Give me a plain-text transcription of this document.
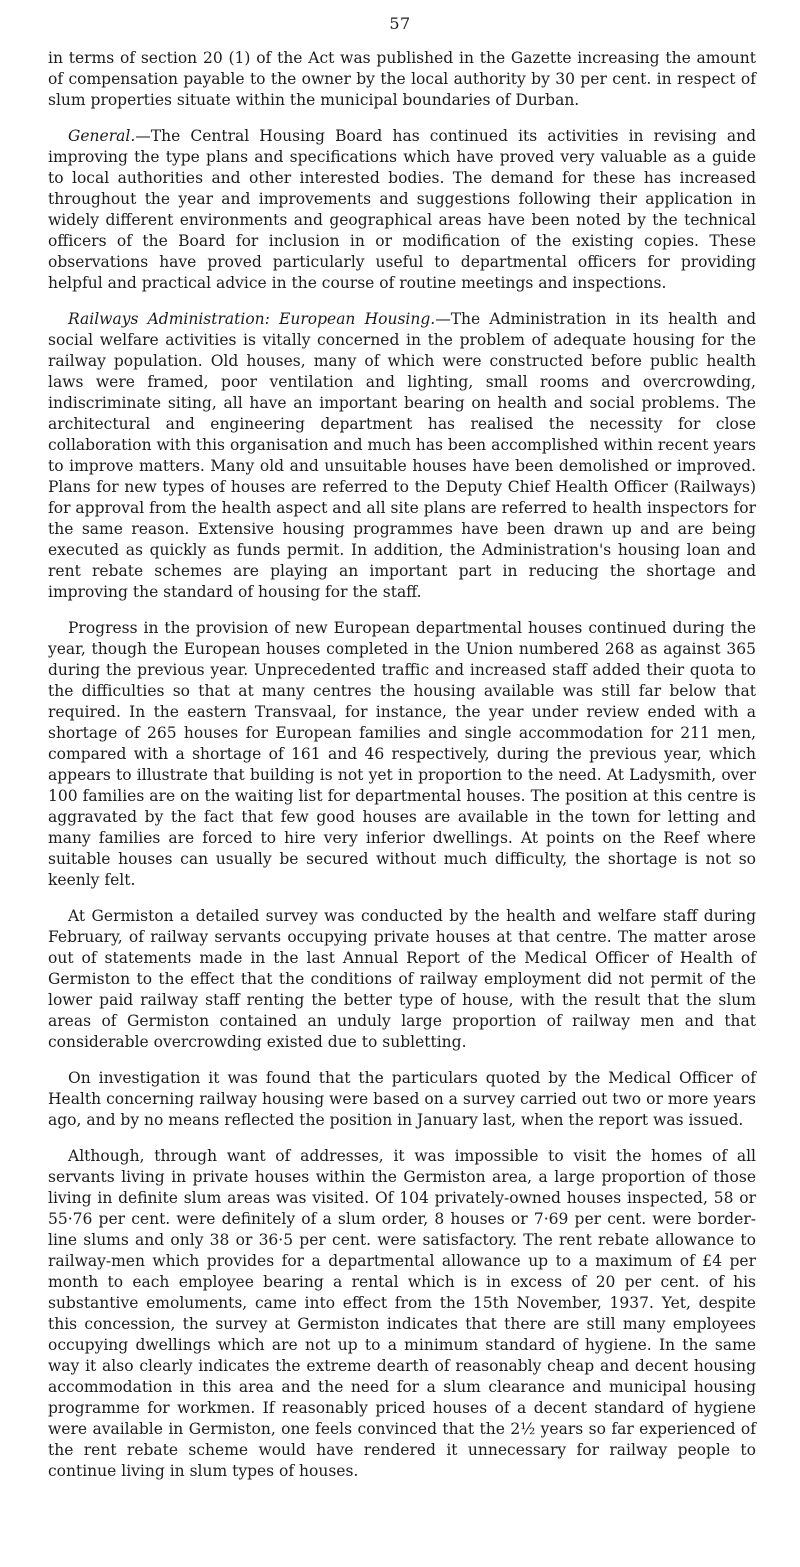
57

in terms of section 20 (1) of the Act was published in the Gazette increasing the amount of compensation payable to the owner by the local authority by 30 per cent. in respect of slum properties situate within the municipal boundaries of Durban.

General.—The Central Housing Board has continued its activities in revising and improving the type plans and specifications which have proved very valuable as a guide to local authorities and other interested bodies. The demand for these has increased throughout the year and improvements and suggestions following their application in widely different environments and geographical areas have been noted by the technical officers of the Board for inclusion in or modification of the existing copies. These observations have proved particularly useful to departmental officers for providing helpful and practical advice in the course of routine meetings and inspections.

Railways Administration: European Housing.—The Administration in its health and social welfare activities is vitally concerned in the problem of adequate housing for the railway population. Old houses, many of which were constructed before public health laws were framed, poor ventilation and lighting, small rooms and overcrowding, indiscriminate siting, all have an important bearing on health and social problems. The architectural and engineering department has realised the necessity for close collaboration with this organisation and much has been accomplished within recent years to improve matters. Many old and unsuitable houses have been demolished or improved. Plans for new types of houses are referred to the Deputy Chief Health Officer (Railways) for approval from the health aspect and all site plans are referred to health inspectors for the same reason. Extensive housing programmes have been drawn up and are being executed as quickly as funds permit. In addition, the Administration's housing loan and rent rebate schemes are playing an important part in reducing the shortage and improving the standard of housing for the staff.

Progress in the provision of new European departmental houses continued during the year, though the European houses completed in the Union numbered 268 as against 365 during the previous year. Unprecedented traffic and increased staff added their quota to the difficulties so that at many centres the housing available was still far below that required. In the eastern Transvaal, for instance, the year under review ended with a shortage of 265 houses for European families and single accommodation for 211 men, compared with a shortage of 161 and 46 respectively, during the previous year, which appears to illustrate that building is not yet in proportion to the need. At Ladysmith, over 100 families are on the waiting list for departmental houses. The position at this centre is aggravated by the fact that few good houses are available in the town for letting and many families are forced to hire very inferior dwellings. At points on the Reef where suitable houses can usually be secured without much difficulty, the shortage is not so keenly felt.

At Germiston a detailed survey was conducted by the health and welfare staff during February, of railway servants occupying private houses at that centre. The matter arose out of statements made in the last Annual Report of the Medical Officer of Health of Germiston to the effect that the conditions of railway employment did not permit of the lower paid railway staff renting the better type of house, with the result that the slum areas of Germiston contained an unduly large proportion of railway men and that considerable overcrowding existed due to subletting.

On investigation it was found that the particulars quoted by the Medical Officer of Health concerning railway housing were based on a survey carried out two or more years ago, and by no means reflected the position in January last, when the report was issued.

Although, through want of addresses, it was impossible to visit the homes of all servants living in private houses within the Germiston area, a large proportion of those living in definite slum areas was visited. Of 104 privately-owned houses inspected, 58 or 55·76 per cent. were definitely of a slum order, 8 houses or 7·69 per cent. were border-line slums and only 38 or 36·5 per cent. were satisfactory. The rent rebate allowance to railway-men which provides for a departmental allowance up to a maximum of £4 per month to each employee bearing a rental which is in excess of 20 per cent. of his substantive emoluments, came into effect from the 15th November, 1937. Yet, despite this concession, the survey at Germiston indicates that there are still many employees occupying dwellings which are not up to a minimum standard of hygiene. In the same way it also clearly indicates the extreme dearth of reasonably cheap and decent housing accommodation in this area and the need for a slum clearance and municipal housing programme for workmen. If reasonably priced houses of a decent standard of hygiene were available in Germiston, one feels convinced that the 2½ years so far experienced of the rent rebate scheme would have rendered it unnecessary for railway people to continue living in slum types of houses.
